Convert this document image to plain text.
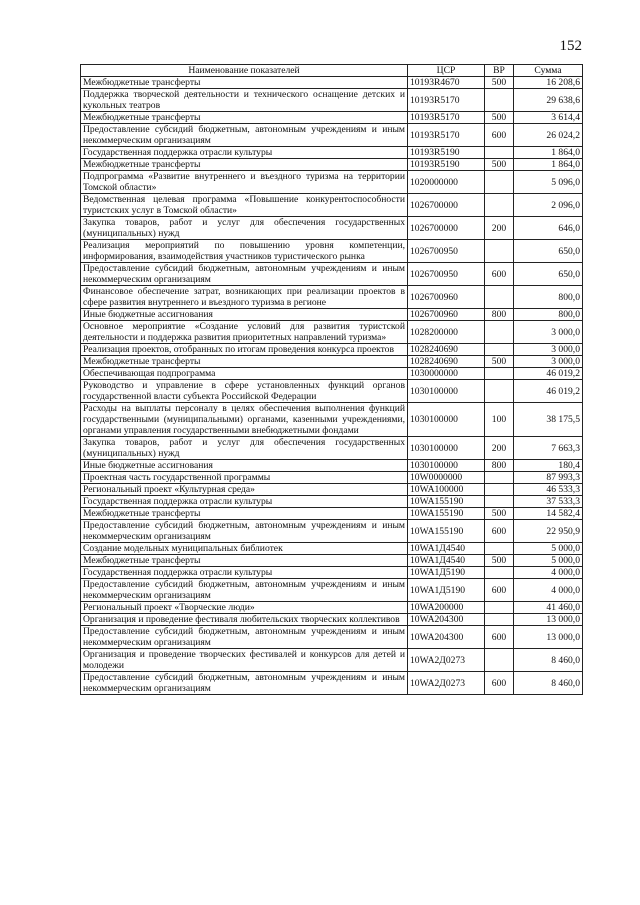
152
Наименование показателей	ЦСР	ВР	Сумма
Межбюджетные трансферты	10193R4670	500	16 208,6
Поддержка творческой деятельности и технического оснащение детских и кукольных театров	10193R5170		29 638,6
Межбюджетные трансферты	10193R5170	500	3 614,4
Предоставление субсидий бюджетным, автономным учреждениям и иным некоммерческим организациям	10193R5170	600	26 024,2
Государственная поддержка отрасли культуры	10193R5190		1 864,0
Межбюджетные трансферты	10193R5190	500	1 864,0
Подпрограмма «Развитие внутреннего и въездного туризма на территории Томской области»	1020000000		5 096,0
Ведомственная целевая программа «Повышение конкурентоспособности туристских услуг в Томской области»	1026700000		2 096,0
Закупка товаров, работ и услуг для обеспечения государственных (муниципальных) нужд	1026700000	200	646,0
Реализация мероприятий по повышению уровня компетенции, информирования, взаимодействия участников туристического рынка	1026700950		650,0
Предоставление субсидий бюджетным, автономным учреждениям и иным некоммерческим организациям	1026700950	600	650,0
Финансовое обеспечение затрат, возникающих при реализации проектов в сфере развития внутреннего и въездного туризма в регионе	1026700960		800,0
Иные бюджетные ассигнования	1026700960	800	800,0
Основное мероприятие «Создание условий для развития туристской деятельности и поддержка развития приоритетных направлений туризма»	1028200000		3 000,0
Реализация проектов, отобранных по итогам проведения конкурса проектов	1028240690		3 000,0
Межбюджетные трансферты	1028240690	500	3 000,0
Обеспечивающая подпрограмма	1030000000		46 019,2
Руководство и управление в сфере установленных функций органов государственной власти субъекта Российской Федерации	1030100000		46 019,2
Расходы на выплаты персоналу в целях обеспечения выполнения функций государственными (муниципальными) органами, казенными учреждениями, органами управления государственными внебюджетными фондами	1030100000	100	38 175,5
Закупка товаров, работ и услуг для обеспечения государственных (муниципальных) нужд	1030100000	200	7 663,3
Иные бюджетные ассигнования	1030100000	800	180,4
Проектная часть государственной программы	10W0000000		87 993,3
Региональный проект «Культурная среда»	10WA100000		46 533,3
Государственная поддержка отрасли культуры	10WA155190		37 533,3
Межбюджетные трансферты	10WA155190	500	14 582,4
Предоставление субсидий бюджетным, автономным учреждениям и иным некоммерческим организациям	10WA155190	600	22 950,9
Создание модельных муниципальных библиотек	10WA1Д4540		5 000,0
Межбюджетные трансферты	10WA1Д4540	500	5 000,0
Государственная поддержка отрасли культуры	10WA1Д5190		4 000,0
Предоставление субсидий бюджетным, автономным учреждениям и иным некоммерческим организациям	10WA1Д5190	600	4 000,0
Региональный проект «Творческие люди»	10WA200000		41 460,0
Организация и проведение фестиваля любительских творческих коллективов	10WA204300		13 000,0
Предоставление субсидий бюджетным, автономным учреждениям и иным некоммерческим организациям	10WA204300	600	13 000,0
Организация и проведение творческих фестивалей и конкурсов для детей и молодежи	10WA2Д0273		8 460,0
Предоставление субсидий бюджетным, автономным учреждениям и иным некоммерческим организациям	10WA2Д0273	600	8 460,0
